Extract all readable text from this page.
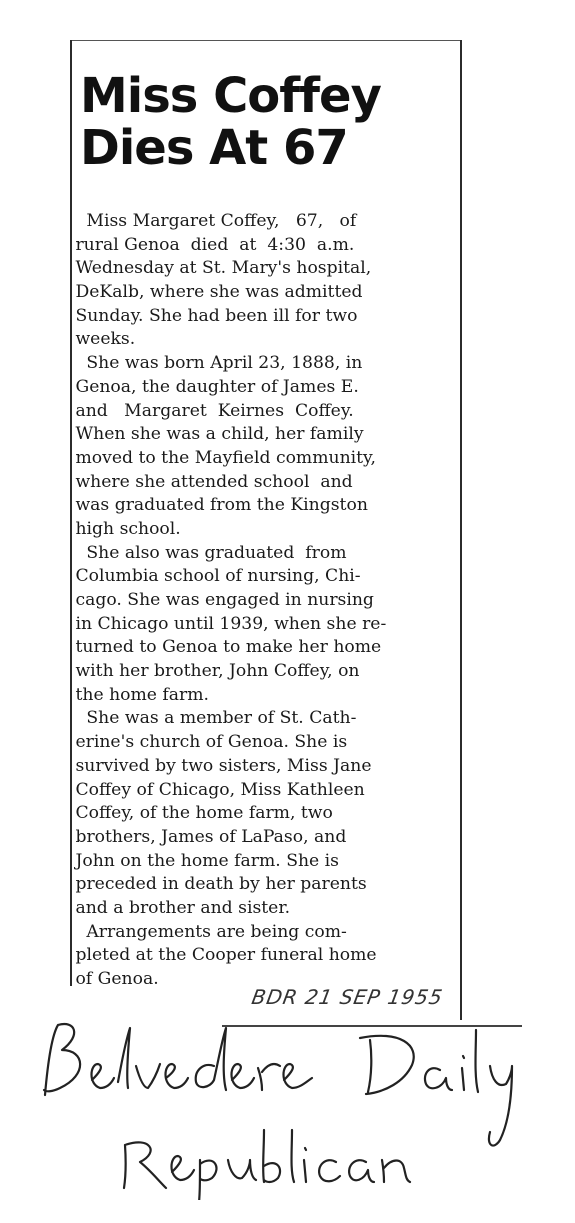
Miss Coffey
Dies At 67
Miss Margaret Coffey,   67,   of
rural Genoa  died  at  4:30  a.m.
Wednesday at St. Mary's hospital,
DeKalb, where she was admitted
Sunday. She had been ill for two
weeks.
She was born April 23, 1888, in
Genoa, the daughter of James E.
and   Margaret  Keirnes  Coffey.
When she was a child, her family
moved to the Mayfield community,
where she attended school  and
was graduated from the Kingston
high school.
She also was graduated  from
Columbia school of nursing, Chi-
cago. She was engaged in nursing
in Chicago until 1939, when she re-
turned to Genoa to make her home
with her brother, John Coffey, on
the home farm.
She was a member of St. Cath-
erine's church of Genoa. She is
survived by two sisters, Miss Jane
Coffey of Chicago, Miss Kathleen
Coffey, of the home farm, two
brothers, James of LaPaso, and
John on the home farm. She is
preceded in death by her parents
and a brother and sister.
Arrangements are being com-
pleted at the Cooper funeral home
of Genoa.
BDR 21 SEP 1955
